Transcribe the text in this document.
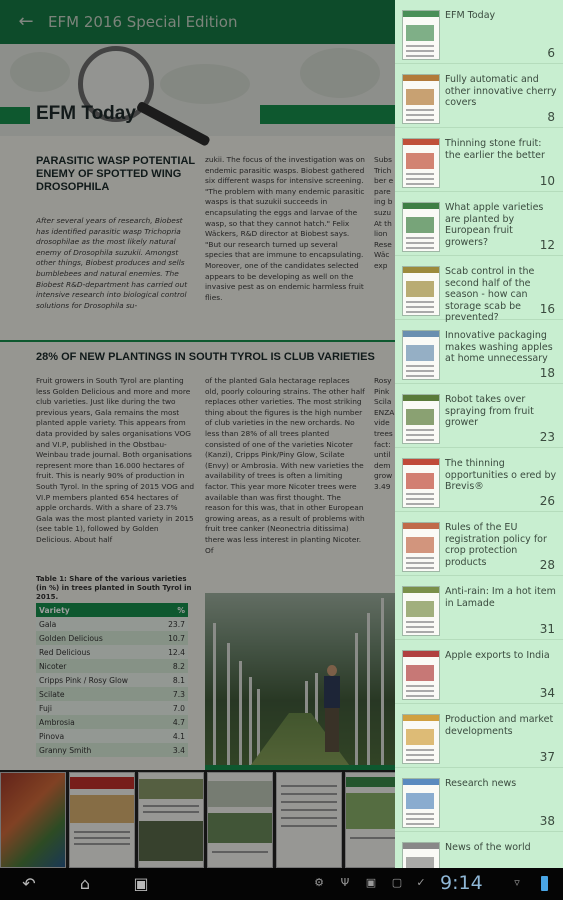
EFM Today
PARASITIC WASP POTENTIAL ENEMY OF SPOTTED WING DROSOPHILA
After several years of research, Biobest has identified parasitic wasp Trichopria drosophilae as the most likely natural enemy of Drosophila suzukii. Amongst other things, Biobest produces and sells bumblebees and natural enemies. The Biobest R&D-department has carried out intensive research into biological control solutions for Drosophila su-
zukii. The focus of the investigation was on endemic parasitic wasps. Biobest gathered six different wasps for intensive screening. "The problem with many endemic parasitic wasps is that suzukii succeeds in encapsulating the eggs and larvae of the wasp, so that they cannot hatch." Felix Wäckers, R&D director at Biobest says. "But our research turned up several species that are immune to encapsulating. Moreover, one of the candidates selected appears to be developing as well on the invasive pest as on endemic harmless fruit flies.
Subs Trich ber e pare ing b suzu At th lion Rese Wäc exp
28% OF NEW PLANTINGS IN SOUTH TYROL IS CLUB VARIETIES
Fruit growers in South Tyrol are planting less Golden Delicious and more and more club varieties. Just like during the two previous years, Gala remains the most planted apple variety. This appears from data provided by sales organisations VOG and VI.P, published in the Obstbau-Weinbau trade journal. Both organisations represent more than 16.000 hectares of fruit. This is nearly 90% of production in South Tyrol. In the spring of 2015 VOG and VI.P members planted 654 hectares of apple orchards. With a share of 23.7% Gala was the most planted variety in 2015 (see table 1), followed by Golden Delicious. About half
of the planted Gala hectarage replaces old, poorly colouring strains. The other half replaces other varieties. The most striking thing about the figures is the high number of club varieties in the new orchards. No less than 28% of all trees planted consisted of one of the varieties Nicoter (Kanzi), Cripps Pink/Piny Glow, Scilate (Envy) or Ambrosia. With new varieties the availability of trees is often a limiting factor. This year more Nicoter trees were available than was first thought. The reason for this was, that in other European growing areas, as a result of problems with fruit tree canker (Neonectria ditissima) there was less interest in planting Nicoter. Of
Rosy Pink Scila ENZA vide trees fact: until dem grow 3.49
Table 1: Share of the various varieties (in %) in trees planted in South Tyrol in 2015.
Variety	%
Gala	23.7
Golden Delicious	10.7
Red Delicious	12.4
Nicoter	8.2
Cripps Pink / Rosy Glow	8.1
Scilate	7.3
Fuji	7.0
Ambrosia	4.7
Pinova	4.1
Granny Smith	3.4
← EFM 2016 Special Edition	EFM Today
6
Fully automatic and other innovative cherry covers
8
Thinning stone fruit: the earlier the better
10
What apple varieties are planted by European fruit growers?	12
Scab control in the second half of the season - how can storage scab be prevented?
16
Innovative packaging makes washing apples at home unnecessary
18
Robot takes over spraying from fruit grower
23
The thinning opportunities o ered by Brevis®
26
Rules of the EU registration policy for crop protection products	28
Anti-rain: Im a hot item in Lamade
31
Apple exports to India
34
Production and market developments
37
Research news
38
News of the world
↶	⌂	▣	⚙ Ψ ▣ ▢ ✓ 9:14	▿
